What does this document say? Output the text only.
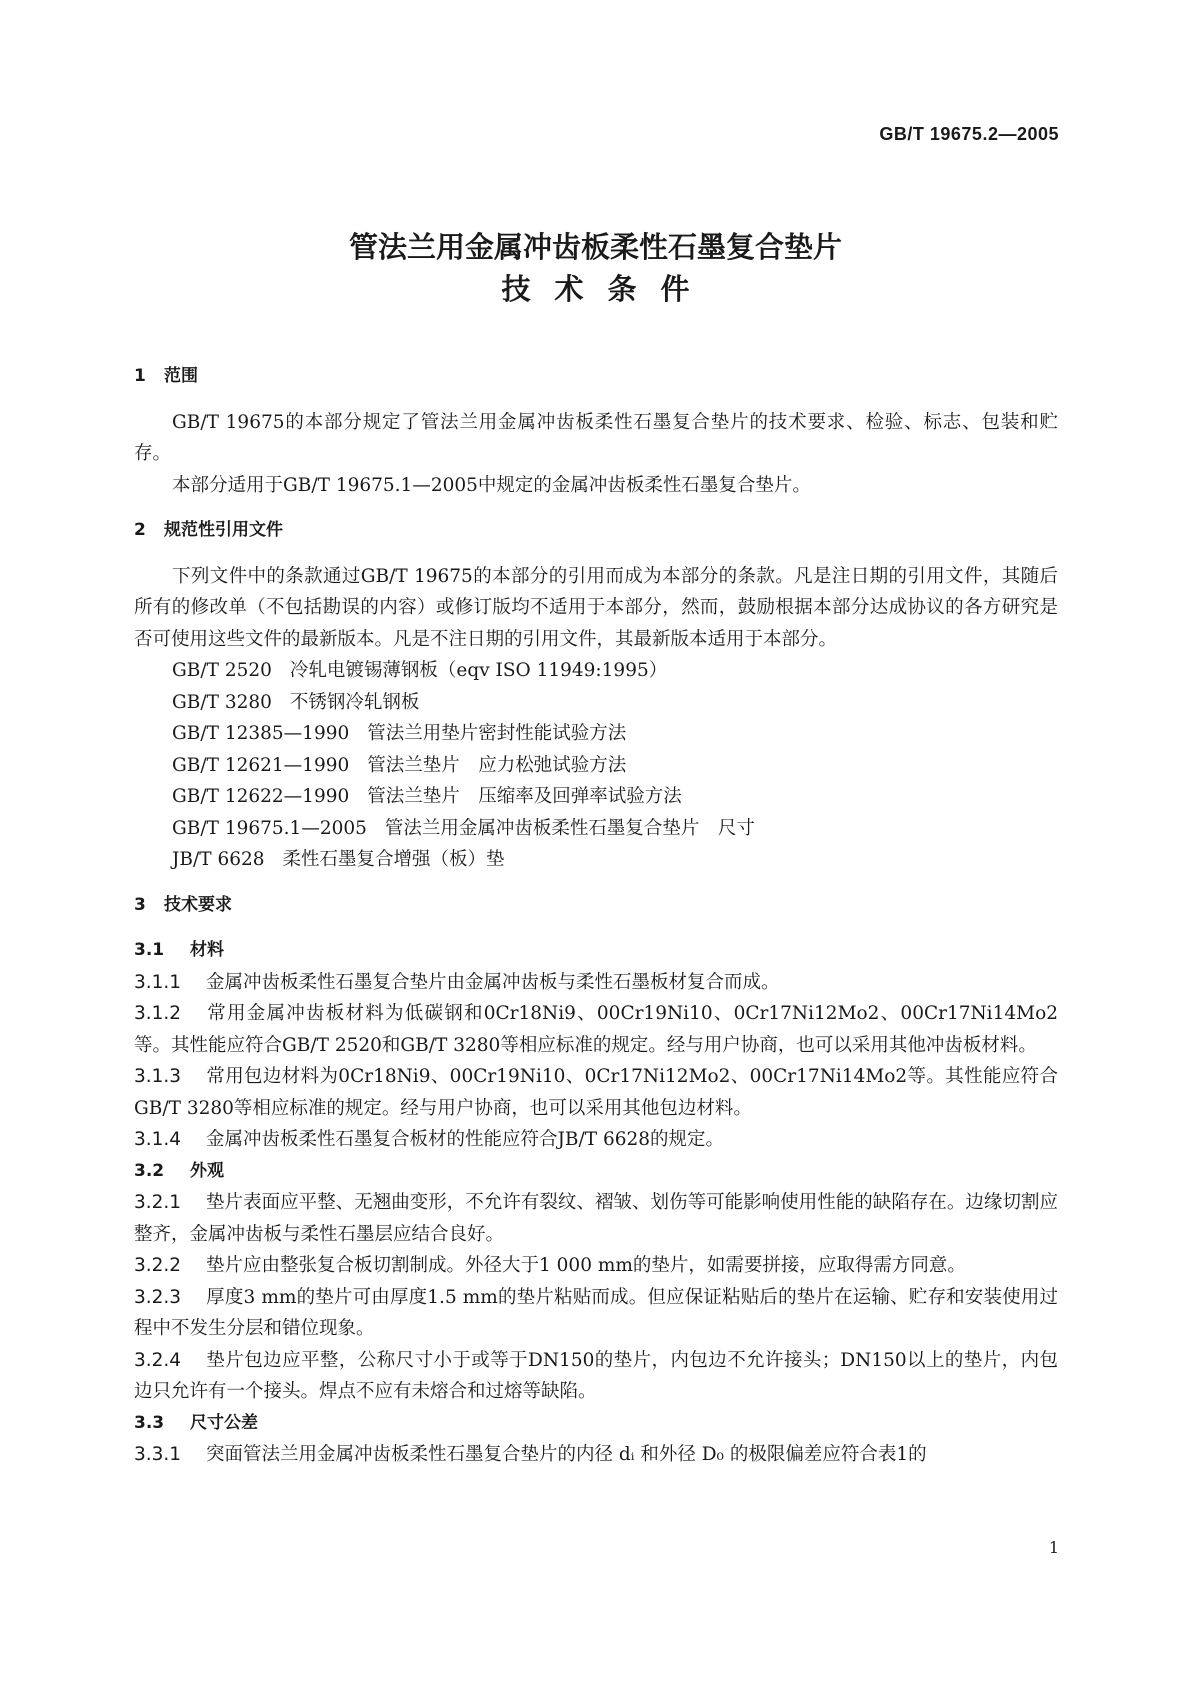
GB/T 19675.2—2005
管法兰用金属冲齿板柔性石墨复合垫片
技术条件
1 范围

GB/T 19675的本部分规定了管法兰用金属冲齿板柔性石墨复合垫片的技术要求、检验、标志、包装和贮存。

本部分适用于GB/T 19675.1—2005中规定的金属冲齿板柔性石墨复合垫片。

2 规范性引用文件

下列文件中的条款通过GB/T 19675的本部分的引用而成为本部分的条款。凡是注日期的引用文件，其随后所有的修改单（不包括勘误的内容）或修订版均不适用于本部分，然而，鼓励根据本部分达成协议的各方研究是否可使用这些文件的最新版本。凡是不注日期的引用文件，其最新版本适用于本部分。

GB/T 2520 冷轧电镀锡薄钢板（eqv ISO 11949:1995）
GB/T 3280 不锈钢冷轧钢板
GB/T 12385—1990 管法兰用垫片密封性能试验方法
GB/T 12621—1990 管法兰垫片　应力松弛试验方法
GB/T 12622—1990 管法兰垫片　压缩率及回弹率试验方法
GB/T 19675.1—2005 管法兰用金属冲齿板柔性石墨复合垫片　尺寸
JB/T 6628 柔性石墨复合增强（板）垫
3 技术要求
3.1 材料
3.1.1 金属冲齿板柔性石墨复合垫片由金属冲齿板与柔性石墨板材复合而成。
3.1.2 常用金属冲齿板材料为低碳钢和0Cr18Ni9、00Cr19Ni10、0Cr17Ni12Mo2、00Cr17Ni14Mo2等。其性能应符合GB/T 2520和GB/T 3280等相应标准的规定。经与用户协商，也可以采用其他冲齿板材料。
3.1.3 常用包边材料为0Cr18Ni9、00Cr19Ni10、0Cr17Ni12Mo2、00Cr17Ni14Mo2等。其性能应符合GB/T 3280等相应标准的规定。经与用户协商，也可以采用其他包边材料。
3.1.4 金属冲齿板柔性石墨复合板材的性能应符合JB/T 6628的规定。
3.2 外观
3.2.1 垫片表面应平整、无翘曲变形，不允许有裂纹、褶皱、划伤等可能影响使用性能的缺陷存在。边缘切割应整齐，金属冲齿板与柔性石墨层应结合良好。
3.2.2 垫片应由整张复合板切割制成。外径大于1 000 mm的垫片，如需要拼接，应取得需方同意。
3.2.3 厚度3 mm的垫片可由厚度1.5 mm的垫片粘贴而成。但应保证粘贴后的垫片在运输、贮存和安装使用过程中不发生分层和错位现象。
3.2.4 垫片包边应平整，公称尺寸小于或等于DN150的垫片，内包边不允许接头；DN150以上的垫片，内包边只允许有一个接头。焊点不应有未熔合和过熔等缺陷。
3.3 尺寸公差
3.3.1 突面管法兰用金属冲齿板柔性石墨复合垫片的内径 dᵢ 和外径 D₀ 的极限偏差应符合表1的
1
